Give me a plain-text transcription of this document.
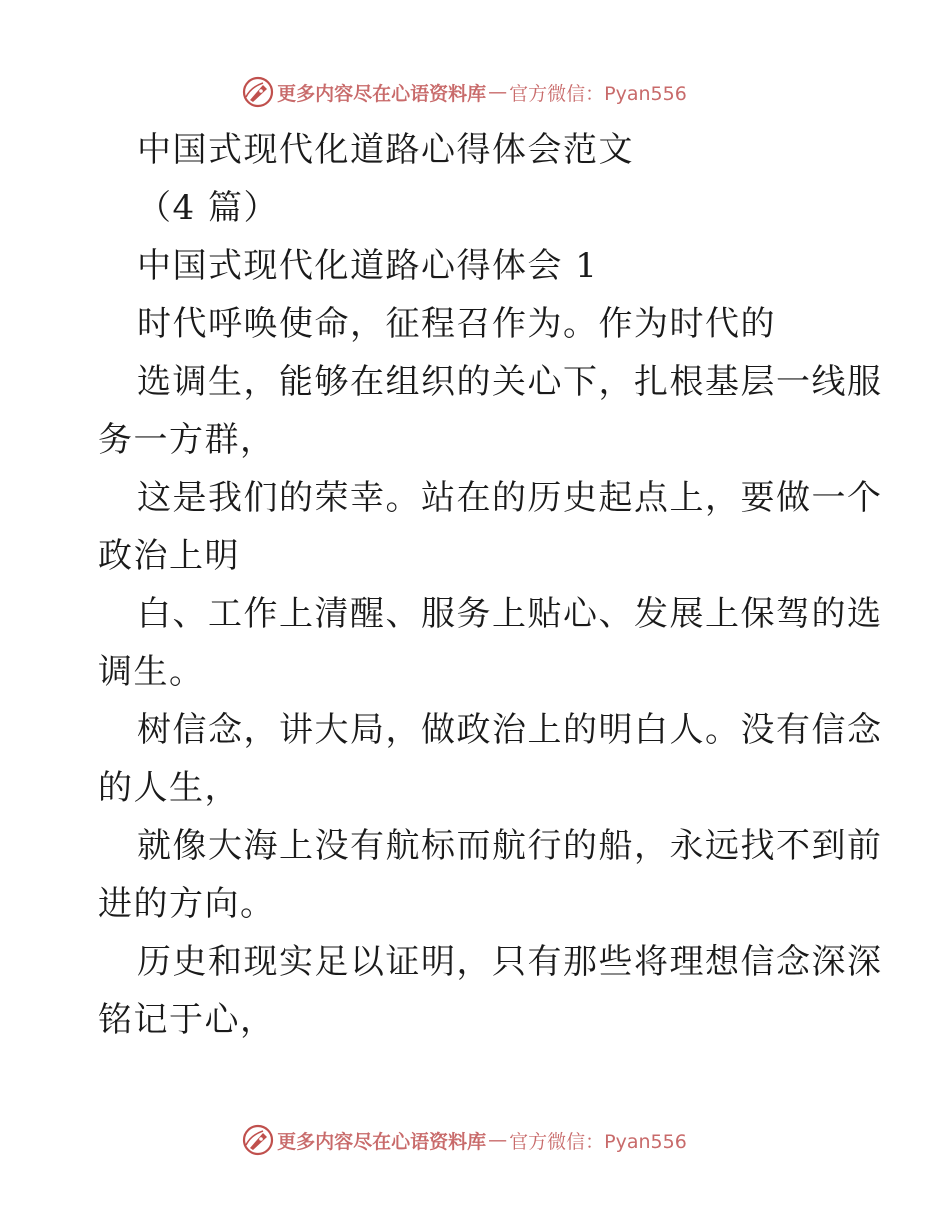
更多内容尽在心语资料库 — 官方微信：Pyan556
中国式现代化道路心得体会范文
（4 篇）
中国式现代化道路心得体会 1
时代呼唤使命，征程召作为。作为时代的
选调生，能够在组织的关心下，扎根基层一线服
务一方群，
这是我们的荣幸。站在的历史起点上，要做一个
政治上明
白、工作上清醒、服务上贴心、发展上保驾的选
调生。
树信念，讲大局，做政治上的明白人。没有信念
的人生，
就像大海上没有航标而航行的船，永远找不到前
进的方向。
历史和现实足以证明，只有那些将理想信念深深
铭记于心，
更多内容尽在心语资料库 — 官方微信：Pyan556
